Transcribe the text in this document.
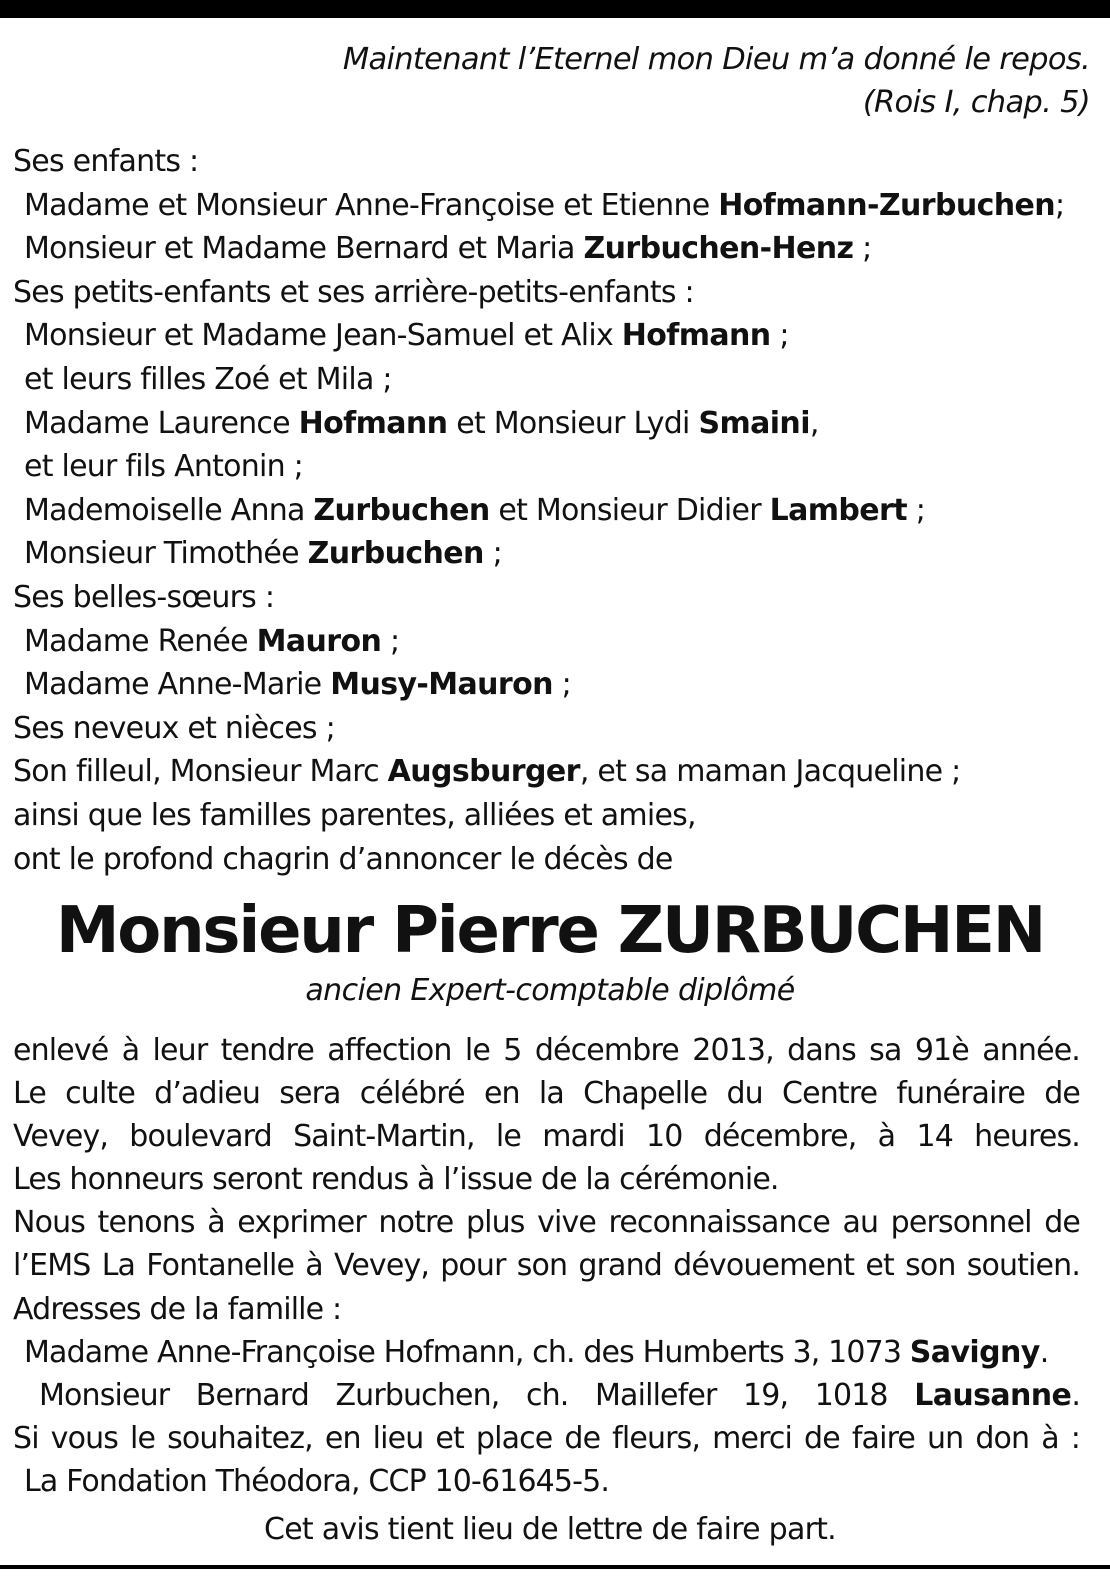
Maintenant l’Eternel mon Dieu m’a donné le repos.
(Rois I, chap. 5)
Ses enfants :
Madame et Monsieur Anne-Françoise et Etienne Hofmann-Zurbuchen;
Monsieur et Madame Bernard et Maria Zurbuchen-Henz ;
Ses petits-enfants et ses arrière-petits-enfants :
Monsieur et Madame Jean-Samuel et Alix Hofmann ;
et leurs filles Zoé et Mila ;
Madame Laurence Hofmann et Monsieur Lydi Smaini,
et leur fils Antonin ;
Mademoiselle Anna Zurbuchen et Monsieur Didier Lambert ;
Monsieur Timothée Zurbuchen ;
Ses belles-sœurs :
Madame Renée Mauron ;
Madame Anne-Marie Musy-Mauron ;
Ses neveux et nièces ;
Son filleul, Monsieur Marc Augsburger, et sa maman Jacqueline ;
ainsi que les familles parentes, alliées et amies,
ont le profond chagrin d’annoncer le décès de
Monsieur Pierre ZURBUCHEN
ancien Expert-comptable diplômé
enlevé à leur tendre affection le 5 décembre 2013, dans sa 91è année.
Le culte d’adieu sera célébré en la Chapelle du Centre funéraire de
Vevey, boulevard Saint-Martin, le mardi 10 décembre, à 14 heures.
Les honneurs seront rendus à l’issue de la cérémonie.
Nous tenons à exprimer notre plus vive reconnaissance au personnel de
l’EMS La Fontanelle à Vevey, pour son grand dévouement et son soutien.
Adresses de la famille :
Madame Anne-Françoise Hofmann, ch. des Humberts 3, 1073 Savigny.
Monsieur Bernard Zurbuchen, ch. Maillefer 19, 1018 Lausanne.
Si vous le souhaitez, en lieu et place de fleurs, merci de faire un don à :
La Fondation Théodora, CCP 10-61645-5.
Cet avis tient lieu de lettre de faire part.
